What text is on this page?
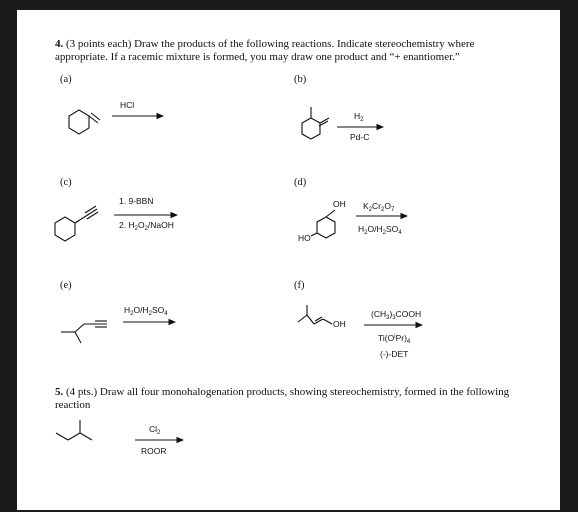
4. (3 points each) Draw the products of the following reactions. Indicate stereochemistry where
appropriate. If a racemic mixture is formed, you may draw one product and “+ enantiomer.”
(a)	(b)
(c)	(d)
(e)	(f)
5. (4 pts.) Draw all four monohalogenation products, showing stereochemistry, formed in the following
reaction
HCl
$H_2$
Pd-C
1. 9-BBN
2. $H_2O_2$/NaOH
OH
HO
$K_2Cr_2O_7$
$H_2O/H_2SO_4$
$H_2O/H_2SO_4$
OH
$(CH_3)_3COOH$
$Ti(O^iPr)_4$
(-)-DET
$Cl_2$
ROOR
